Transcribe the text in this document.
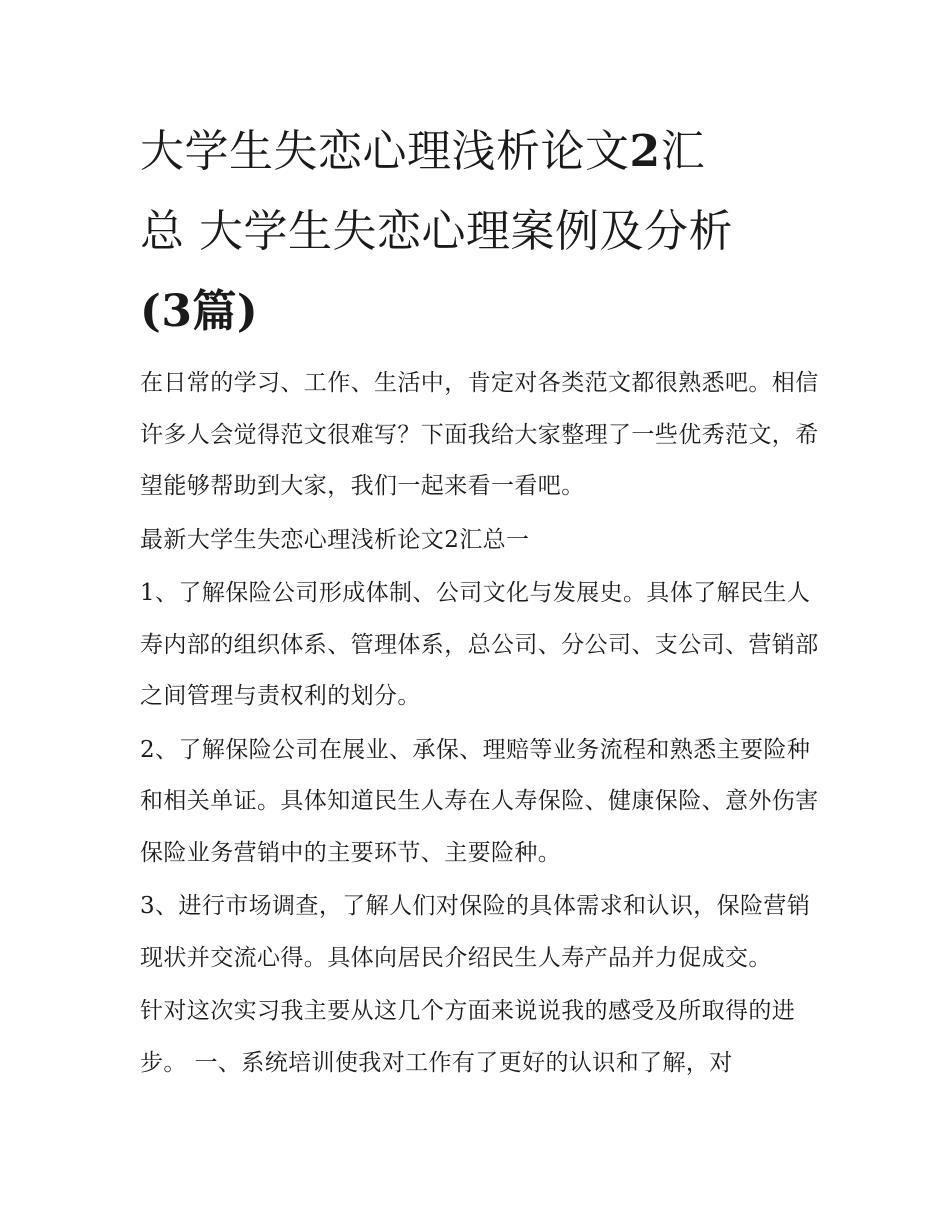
大学生失恋心理浅析论文2汇
总 大学生失恋心理案例及分析
(3篇)

在日常的学习、工作、生活中，肯定对各类范文都很熟悉吧。相信许多人会觉得范文很难写？下面我给大家整理了一些优秀范文，希望能够帮助到大家，我们一起来看一看吧。

最新大学生失恋心理浅析论文2汇总一

1、了解保险公司形成体制、公司文化与发展史。具体了解民生人寿内部的组织体系、管理体系，总公司、分公司、支公司、营销部之间管理与责权利的划分。

2、了解保险公司在展业、承保、理赔等业务流程和熟悉主要险种和相关单证。具体知道民生人寿在人寿保险、健康保险、意外伤害保险业务营销中的主要环节、主要险种。

3、进行市场调查，了解人们对保险的具体需求和认识，保险营销现状并交流心得。具体向居民介绍民生人寿产品并力促成交。

针对这次实习我主要从这几个方面来说说我的感受及所取得的进步。 一、系统培训使我对工作有了更好的认识和了解，对
